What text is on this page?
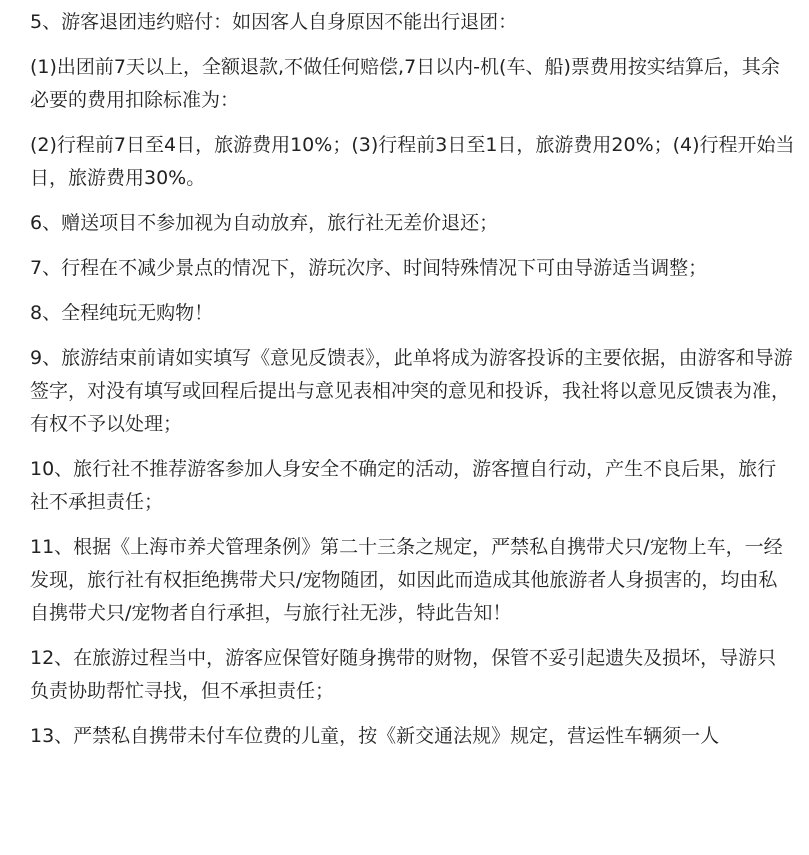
5、游客退团违约赔付：如因客人自身原因不能出行退团：

(1)出团前7天以上，全额退款,不做任何赔偿,7日以内-机(车、船)票费用按实结算后，其余必要的费用扣除标准为：

(2)行程前7日至4日，旅游费用10%；(3)行程前3日至1日，旅游费用20%；(4)行程开始当日，旅游费用30%。

6、赠送项目不参加视为自动放弃，旅行社无差价退还；

7、行程在不减少景点的情况下，游玩次序、时间特殊情况下可由导游适当调整；

8、全程纯玩无购物！

9、旅游结束前请如实填写《意见反馈表》，此单将成为游客投诉的主要依据，由游客和导游签字，对没有填写或回程后提出与意见表相冲突的意见和投诉，我社将以意见反馈表为准，有权不予以处理；

10、旅行社不推荐游客参加人身安全不确定的活动，游客擅自行动，产生不良后果，旅行社不承担责任；

11、根据《上海市养犬管理条例》第二十三条之规定，严禁私自携带犬只/宠物上车，一经发现，旅行社有权拒绝携带犬只/宠物随团，如因此而造成其他旅游者人身损害的，均由私自携带犬只/宠物者自行承担，与旅行社无涉，特此告知！

12、在旅游过程当中，游客应保管好随身携带的财物，保管不妥引起遗失及损坏，导游只负责协助帮忙寻找，但不承担责任；

13、严禁私自携带未付车位费的儿童，按《新交通法规》规定，营运性车辆须一人
